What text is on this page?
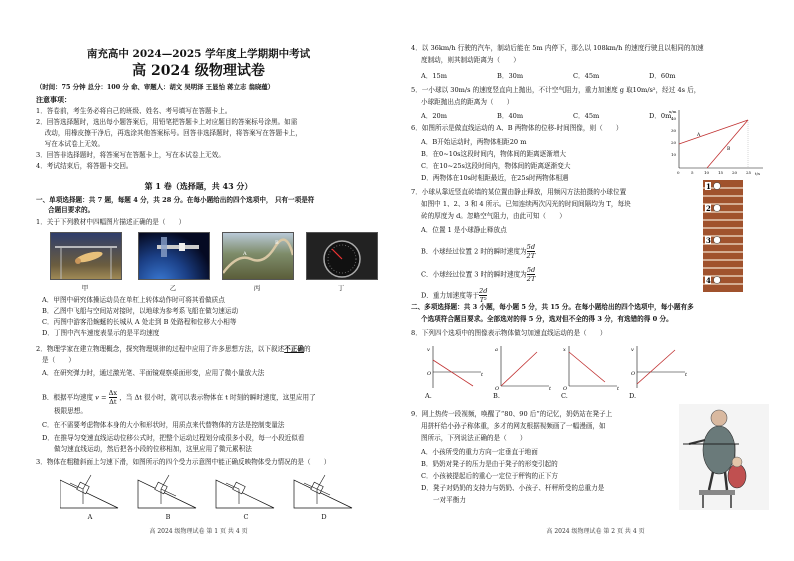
南充高中 2024—2025 学年度上学期期中考试
高 2024 级物理试卷
（时间：75 分钟 总分：100 分 命、审题人：胡文 吴明泽 王显怡 蒋立志 翁晓蕴）
注意事项：
1．答卷前，考生务必将自己的班级、姓名、考号填写在答题卡上。
2．回答选择题时，选出每小题答案后，用铅笔把答题卡上对应题目的答案标号涂黑。如需
　 改动，用橡皮擦干净后，再选涂其他答案标号。回答非选择题时，将答案写在答题卡上，
　 写在本试卷上无效。
3．回答非选择题时，将答案写在答题卡上，写在本试卷上无效。
4．考试结束后，将答题卡交回。
第 1 卷（选择题，共 43 分）
一、单项选择题：共 7 题，每题 4 分，共 28 分。在每小题给出的四个选项中， 只有一项是符
合题目要求的。
1．关于下列教材中四幅图片描述正确的是（　　）
A
B
甲	乙	丙	丁
A．甲图中研究体操运动员在单杠上转体动作时可将其看做质点
B．乙图中飞船与空间站对接时，以地球为参考系飞船在做匀速运动
C．丙图中游客沿蜿蜒的长城从 A 处走到 B 处路程和位移大小相等
D．丁图中汽车速度表显示的是平均速度
2．物理学家在建立物理概念，探究物理规律的过程中应用了许多思想方法，以下叙述不正确的
是（　　）
A．在研究弹力时，通过激光笔、平面镜观察桌面形变，应用了微小量放大法
B．根据平均速度 $v = \frac{\Delta x}{\Delta t}$ ，当 Δt 很小时，就可以表示物体在 t 时刻的瞬时速度，这里应用了
极限思想。
C．在不需要考虑物体本身的大小和形状时，用质点来代替物体的方法是控制变量法
D．在推导匀变速直线运动位移公式时，把整个运动过程划分成很多小段，每一小段近似看
做匀速直线运动，然后把各小段的位移相加，这里应用了微元累积法
3．物体在粗糙斜面上匀速下滑，如图所示的四个受力示意图中能正确反映物体受力情况的是（　　）
A	B	C	D
高 2024 级物理试卷 第 1 页 共 4 页
4．以 36km/h 行驶的汽车，制动后能在 5m 内停下，那么以 108km/h 的速度行驶且以相同的加速
度制动，则其制动距离为（　　）
A．15m	B．30m	C．45m	D．60m
5．一小球以 30m/s 的速度竖直向上抛出，不计空气阻力，重力加速度 g 取10m/s²，经过 4s 后，
小球距抛出点的距离为（　　）
A．20m	B．40m	C．45m	D．0m
6．如图所示是做直线运动的 A、B 两物体的位移-时间图像，则（　　）
A．B开始运动时，两物体相距20 m
B．在0~10s这段时间内，物体间的距离逐渐增大
C．在10~25s这段时间内，物体间的距离逐渐变大
D．两物体在10s时相距最近，在25s时两物体相遇
x/m
t/s
40
30
20
10
0	5	10 15 20 25
A
B
7．小球从靠近竖直砖墙的某位置由静止释放，用频闪方法拍摄的小球位置
如图中 1、2、3 和 4 所示。已知连续两次闪光的时间间隔均为 T，每块
砖的厚度为 d。忽略空气阻力，由此可知（　　）
A．位置 1 是小球静止释放点
B．小球经过位置 2 时的瞬时速度为 $\frac{5d}{2T}$
C．小球经过位置 3 时的瞬时速度为 $\frac{5d}{2T}$
D．重力加速度等于 $\frac{2d}{\text{T²}}$
1
2
3
4
二、多项选择题：共 3 小题，每小题 5 分，共 15 分。在每小题给出的四个选项中，每小题有多
个选项符合题目要求。全部选对的得 5 分，选对但不全的得 3 分，有选错的得 0 分。
8．下列四个选项中的图像表示物体做匀加速直线运动的是（　　）
v
O	t
a
O	t
x
O	t
v
O	t
A.	B.	C.	D.
9．网上热传一段视频，唤醒了“80、90 后”的记忆，奶奶站在凳子上
用拼杆给小孙子称体重，多才的网友根据视频画了一幅漫画，如
图所示，下列说法正确的是（　　）
A．小孩所受的重力方向一定垂直于地面
B．奶奶对凳子的压力是由于凳子的形变引起的
C．小孩被提起后的重心一定位于秤钩的正下方
D．凳子对奶奶的支持力与奶奶、小孩子、杆秤所受的总重力是
一对平衡力
高 2024 级物理试卷 第 2 页 共 4 页
